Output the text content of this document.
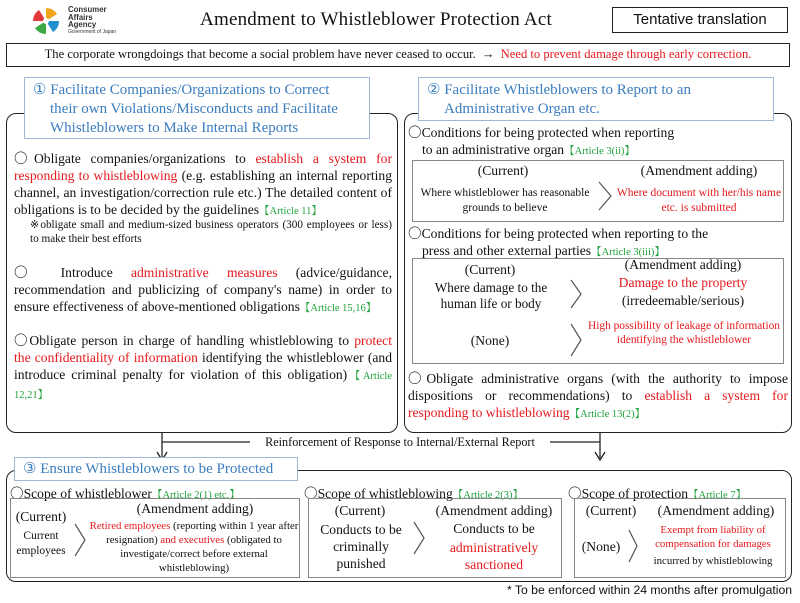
Consumer
Affairs
Agency
Government of Japan
Amendment to Whistleblower Protection Act	Tentative translation
The corporate wrongdoings that become a social problem have never ceased to occur. → Need to prevent damage through early correction.
① Facilitate Companies/Organizations to Correct
their own Violations/Misconducts and Facilitate
Whistleblowers to Make Internal Reports
〇Obligate companies/organizations to establish a system for responding to whistleblowing (e.g. establishing an internal reporting channel, an investigation/correction rule etc.) The detailed content of obligations is to be decided by the guidelines【Article 11】
※obligate small and medium-sized business operators (300 employees or less) to make their best efforts
〇 Introduce administrative measures (advice/guidance, recommendation and publicizing of company's name) in order to ensure effectiveness of above-mentioned obligations【Article 15,16】
〇Obligate person in charge of handling whistleblowing to protect the confidentiality of information identifying the whistleblower (and introduce criminal penalty for violation of this obligation)【Article 12,21】
② Facilitate Whistleblowers to Report to an
Administrative Organ etc.
〇Conditions for being protected when reporting
to an administrative organ【Article 3(ii)】
(Current)
Where whistleblower has reasonable grounds to believe
(Amendment adding)
Where document with her/his name etc. is submitted
〇Conditions for being protected when reporting to the
press and other external parties【Article 3(iii)】
(Current)
Where damage to the human life or body
(Amendment adding)
Damage to the property
(irredeemable/serious)
(None)
High possibility of leakage of information identifying the whistleblower
〇Obligate administrative organs (with the authority to impose dispositions or recommendations) to establish a system for responding to whistleblowing【Article 13(2)】
Reinforcement of Response to Internal/External Report
③ Ensure Whistleblowers to be Protected
〇Scope of whistleblower【Article 2(1) etc.】
(Current)
Current employees
(Amendment adding)
Retired employees (reporting within 1 year after resignation) and executives (obligated to investigate/correct before external whistleblowing)
〇Scope of whistleblowing【Article 2(3)】
(Current)
Conducts to be criminally punished
(Amendment adding)
Conducts to be
administratively sanctioned
〇Scope of protection【Article 7】
(Current)
(None)
(Amendment adding)
Exempt from liability of compensation for damages
incurred by whistleblowing
* To be enforced within 24 months after promulgation
